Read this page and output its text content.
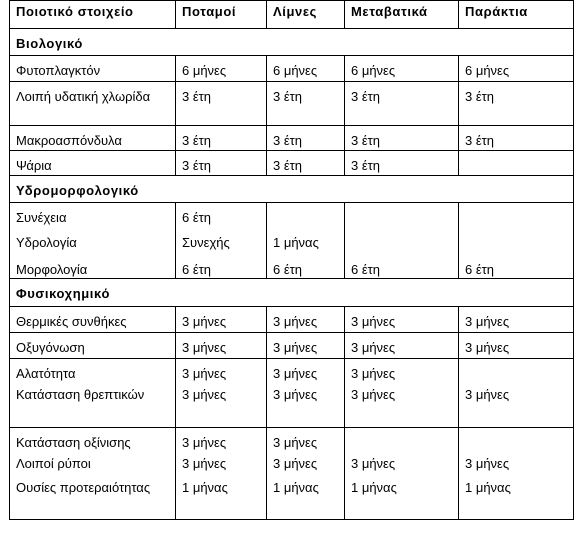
Ποιοτικό στοιχείο	Ποταμοί	Λίμνες	Μεταβατικά	Παράκτια
Βιολογικό				
Φυτοπλαγκτόν	6 μήνες	6 μήνες	6 μήνες	6 μήνες
Λοιπή υδατική χλωρίδα	3 έτη	3 έτη	3 έτη	3 έτη
Μακροασπόνδυλα	3 έτη	3 έτη	3 έτη	3 έτη
Ψάρια	3 έτη	3 έτη	3 έτη	
Υδρομορφολογικό				
Συνέχεια	6 έτη			
Υδρολογία	Συνεχής	1 μήνας		
Μορφολογία	6 έτη	6 έτη	6 έτη	6 έτη
Φυσικοχημικό				
Θερμικές συνθήκες	3 μήνες	3 μήνες	3 μήνες	3 μήνες
Οξυγόνωση	3 μήνες	3 μήνες	3 μήνες	3 μήνες
Αλατότητα	3 μήνες	3 μήνες	3 μήνες	
Κατάσταση θρεπτικών	3 μήνες	3 μήνες	3 μήνες	3 μήνες
Κατάσταση οξίνισης	3 μήνες	3 μήνες		
Λοιποί ρύποι	3 μήνες	3 μήνες	3 μήνες	3 μήνες
Ουσίες προτεραιότητας	1 μήνας	1 μήνας	1 μήνας	1 μήνας
